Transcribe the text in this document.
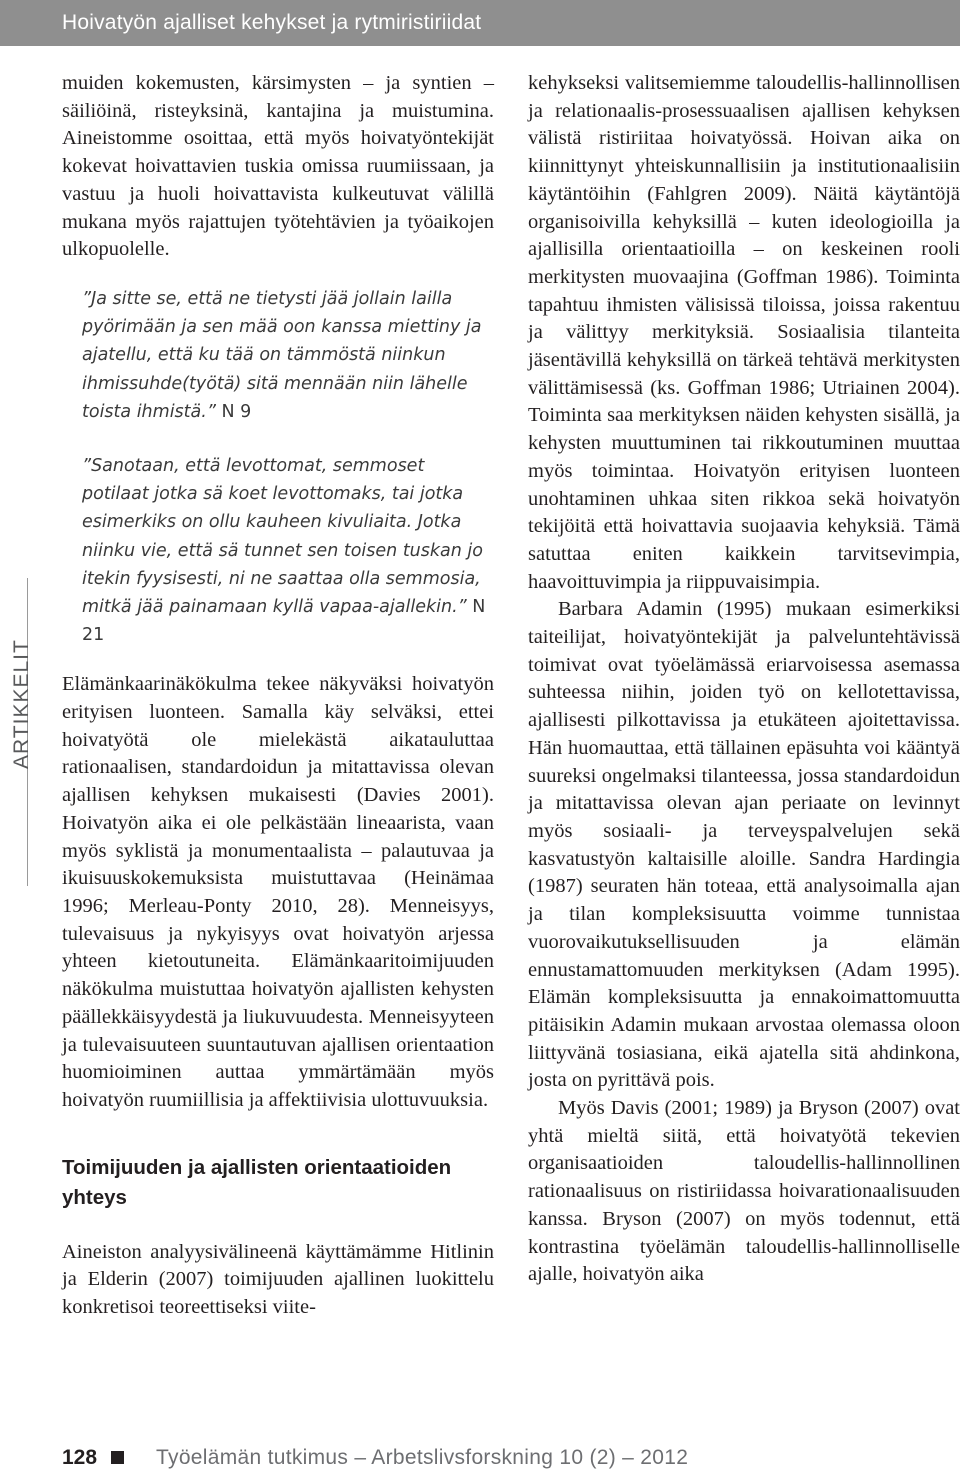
Hoivatyön ajalliset kehykset ja rytmiristiriidat
ARTIKKELIT

muiden kokemusten, kärsimysten – ja syntien – säiliöinä, risteyksinä, kantajina ja muistumina. Aineistomme osoittaa, että myös hoivatyöntekijät kokevat hoivattavien tuskia omissa ruumiissaan, ja vastuu ja huoli hoivattavista kulkeutuvat välillä mukana myös rajattujen työtehtävien ja työaikojen ulkopuolelle.

”Ja sitte se, että ne tietysti jää jollain lailla pyörimään ja sen mää oon kanssa miettiny ja ajatellu, että ku tää on tämmöstä niinkun ihmissuhde(työtä) sitä mennään niin lähelle toista ihmistä.” N 9

”Sanotaan, että levottomat, semmoset potilaat jotka sä koet levottomaks, tai jotka esimerkiks on ollu kauheen kivuliaita. Jotka niinku vie, että sä tunnet sen toisen tuskan jo itekin fyysisesti, ni ne saattaa olla semmosia, mitkä jää painamaan kyllä vapaa-ajallekin.” N 21

Elämänkaarinäkökulma tekee näkyväksi hoivatyön erityisen luonteen. Samalla käy selväksi, ettei hoivatyötä ole mielekästä aikatauluttaa rationaalisen, standardoidun ja mitattavissa olevan ajallisen kehyksen mukaisesti (Davies 2001). Hoivatyön aika ei ole pelkästään lineaarista, vaan myös syklistä ja monumentaalista – palautuvaa ja ikuisuuskokemuksista muistuttavaa (Heinämaa 1996; Merleau-Ponty 2010, 28). Menneisyys, tulevaisuus ja nykyisyys ovat hoivatyön arjessa yhteen kietoutuneita. Elämänkaaritoimijuuden näkökulma muistuttaa hoivatyön ajallisten kehysten päällekkäisyydestä ja liukuvuudesta. Menneisyyteen ja tulevaisuuteen suuntautuvan ajallisen orientaation huomioiminen auttaa ymmärtämään myös hoivatyön ruumiillisia ja affektiivisia ulottuvuuksia.

Toimijuuden ja ajallisten orientaatioiden yhteys

Aineiston analyysivälineenä käyttämämme Hitlinin ja Elderin (2007) toimijuuden ajallinen luokittelu konkretisoi teoreettiseksi viite-

kehykseksi valitsemiemme taloudellis-hallinnollisen ja relationaalis-prosessuaalisen ajallisen kehyksen välistä ristiriitaa hoivatyössä. Hoivan aika on kiinnittynyt yhteiskunnallisiin ja institutionaalisiin käytäntöihin (Fahlgren 2009). Näitä käytäntöjä organisoivilla kehyksillä – kuten ideologioilla ja ajallisilla orientaatioilla – on keskeinen rooli merkitysten muovaajina (Goffman 1986). Toiminta tapahtuu ihmisten välisissä tiloissa, joissa rakentuu ja välittyy merkityksiä. Sosiaalisia tilanteita jäsentävillä kehyksillä on tärkeä tehtävä merkitysten välittämisessä (ks. Goffman 1986; Utriainen 2004). Toiminta saa merkityksen näiden kehysten sisällä, ja kehysten muuttuminen tai rikkoutuminen muuttaa myös toimintaa. Hoivatyön erityisen luonteen unohtaminen uhkaa siten rikkoa sekä hoivatyön tekijöitä että hoivattavia suojaavia kehyksiä. Tämä satuttaa eniten kaikkein tarvitsevimpia, haavoittuvimpia ja riippuvaisimpia.

Barbara Adamin (1995) mukaan esimerkiksi taiteilijat, hoivatyöntekijät ja palveluntehtävissä toimivat ovat työelämässä eriarvoisessa asemassa suhteessa niihin, joiden työ on kellotettavissa, ajallisesti pilkottavissa ja etukäteen ajoitettavissa. Hän huomauttaa, että tällainen epäsuhta voi kääntyä suureksi ongelmaksi tilanteessa, jossa standardoidun ja mitattavissa olevan ajan periaate on levinnyt myös sosiaali- ja terveyspalvelujen sekä kasvatustyön kaltaisille aloille. Sandra Hardingia (1987) seuraten hän toteaa, että analysoimalla ajan ja tilan kompleksisuutta voimme tunnistaa vuorovaikutuksellisuuden ja elämän ennustamattomuuden merkityksen (Adam 1995). Elämän kompleksisuutta ja ennakoimattomuutta pitäisikin Adamin mukaan arvostaa olemassa oloon liittyvänä tosiasiana, eikä ajatella sitä ahdinkona, josta on pyrittävä pois.

Myös Davis (2001; 1989) ja Bryson (2007) ovat yhtä mieltä siitä, että hoivatyötä tekevien organisaatioiden taloudellis-hallinnollinen rationaalisuus on ristiriidassa hoivarationaalisuuden kanssa. Bryson (2007) on myös todennut, että kontrastina työelämän taloudellis-hallinnolliselle ajalle, hoivatyön aika

128	Työelämän tutkimus – Arbetslivsforskning 10 (2) – 2012
